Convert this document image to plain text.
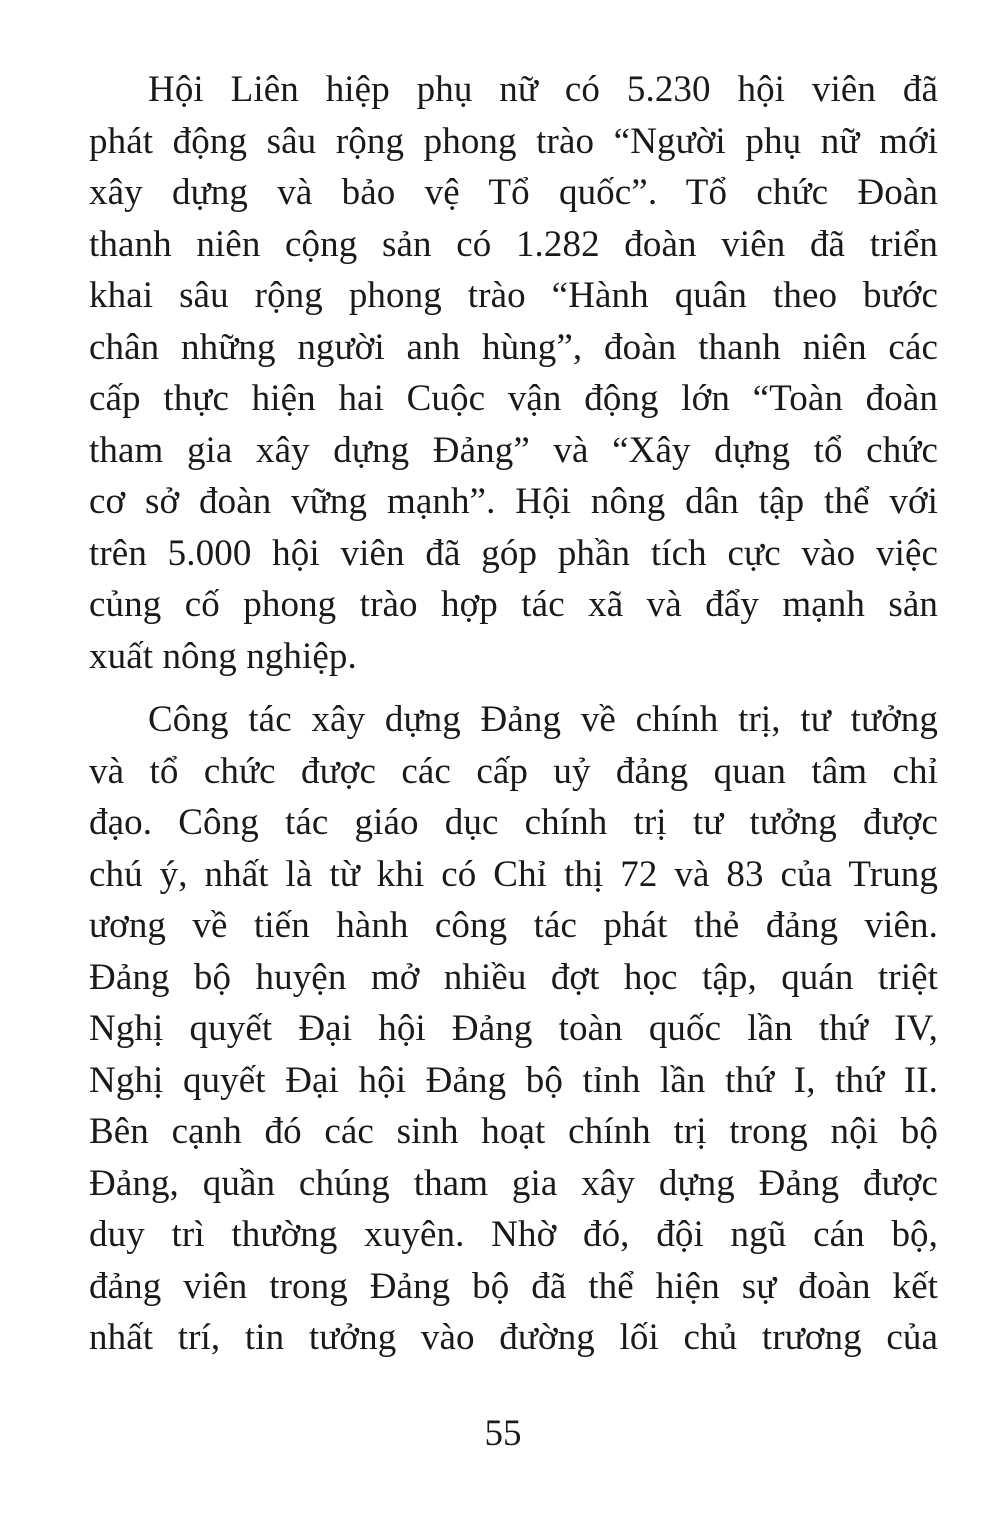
Hội Liên hiệp phụ nữ có 5.230 hội viên đã
phát động sâu rộng phong trào “Người phụ nữ mới
xây dựng và bảo vệ Tổ quốc”. Tổ chức Đoàn
thanh niên cộng sản có 1.282 đoàn viên đã triển
khai sâu rộng phong trào “Hành quân theo bước
chân những người anh hùng”, đoàn thanh niên các
cấp thực hiện hai Cuộc vận động lớn “Toàn đoàn
tham gia xây dựng Đảng” và “Xây dựng tổ chức
cơ sở đoàn vững mạnh”. Hội nông dân tập thể với
trên 5.000 hội viên đã góp phần tích cực vào việc
củng cố phong trào hợp tác xã và đẩy mạnh sản
xuất nông nghiệp.
Công tác xây dựng Đảng về chính trị, tư tưởng
và tổ chức được các cấp uỷ đảng quan tâm chỉ
đạo. Công tác giáo dục chính trị tư tưởng được
chú ý, nhất là từ khi có Chỉ thị 72 và 83 của Trung
ương về tiến hành công tác phát thẻ đảng viên.
Đảng bộ huyện mở nhiều đợt học tập, quán triệt
Nghị quyết Đại hội Đảng toàn quốc lần thứ IV,
Nghị quyết Đại hội Đảng bộ tỉnh lần thứ I, thứ II.
Bên cạnh đó các sinh hoạt chính trị trong nội bộ
Đảng, quần chúng tham gia xây dựng Đảng được
duy trì thường xuyên. Nhờ đó, đội ngũ cán bộ,
đảng viên trong Đảng bộ đã thể hiện sự đoàn kết
nhất trí, tin tưởng vào đường lối chủ trương của
55
